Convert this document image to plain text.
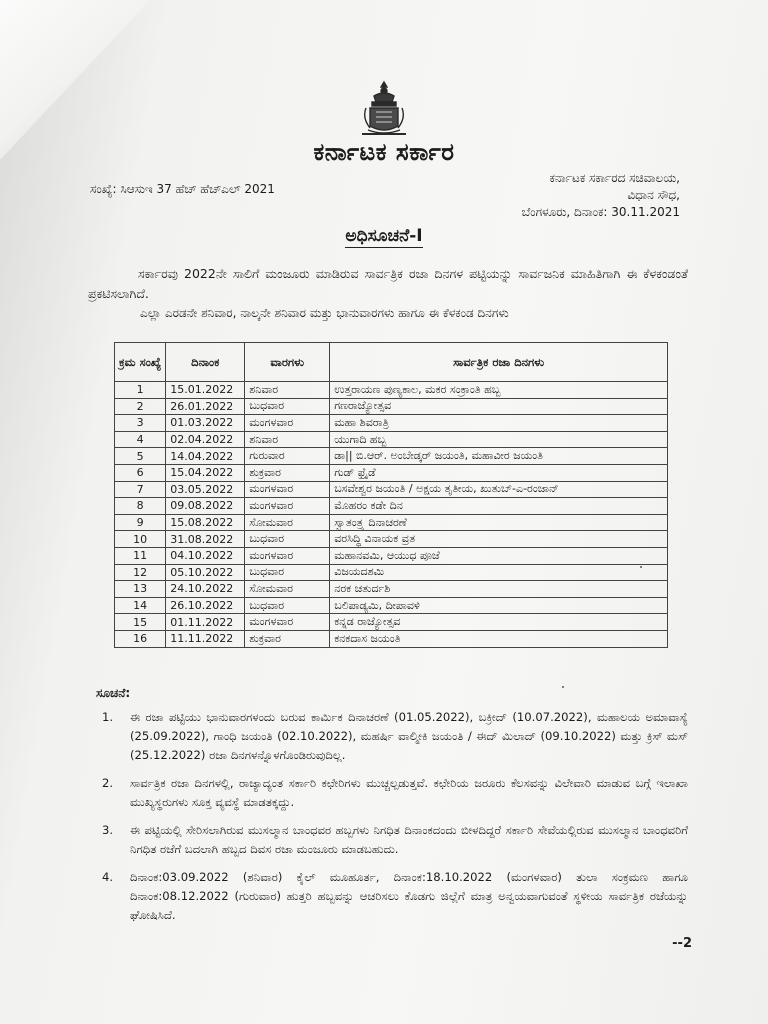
ಕರ್ನಾಟಕ ಸರ್ಕಾರ
ಸಂಖ್ಯೆ: ಸಿಆಸುಇ 37 ಹೆಚ್ ಹೆಚ್ಎಲ್ 2021
ಕರ್ನಾಟಕ ಸರ್ಕಾರದ ಸಚಿವಾಲಯ,
ವಿಧಾನ ಸೌಧ,
ಬೆಂಗಳೂರು, ದಿನಾಂಕ: 30.11.2021
ಅಧಿಸೂಚನೆ-I
ಸರ್ಕಾರವು 2022ನೇ ಸಾಲಿಗೆ ಮಂಜೂರು ಮಾಡಿರುವ ಸಾರ್ವತ್ರಿಕ ರಜಾ ದಿನಗಳ ಪಟ್ಟಿಯನ್ನು ಸಾರ್ವಜನಿಕ ಮಾಹಿತಿಗಾಗಿ ಈ ಕೆಳಕಂಡಂತೆ ಪ್ರಕಟಿಸಲಾಗಿದೆ.
ಎಲ್ಲಾ ಎರಡನೇ ಶನಿವಾರ, ನಾಲ್ಕನೇ ಶನಿವಾರ ಮತ್ತು ಭಾನುವಾರಗಳು ಹಾಗೂ ಈ ಕೆಳಕಂಡ ದಿನಗಳು
ಕ್ರಮ ಸಂಖ್ಯೆ	ದಿನಾಂಕ	ವಾರಗಳು	ಸಾರ್ವತ್ರಿಕ ರಜಾ ದಿನಗಳು
1	15.01.2022	ಶನಿವಾರ	ಉತ್ತರಾಯಣ ಪುಣ್ಯಕಾಲ, ಮಕರ ಸಂಕ್ರಾಂತಿ ಹಬ್ಬ
2	26.01.2022	ಬುಧವಾರ	ಗಣರಾಜ್ಯೋತ್ಸವ
3	01.03.2022	ಮಂಗಳವಾರ	ಮಹಾ ಶಿವರಾತ್ರಿ
4	02.04.2022	ಶನಿವಾರ	ಯುಗಾದಿ ಹಬ್ಬ
5	14.04.2022	ಗುರುವಾರ	ಡಾ|| ಬಿ.ಆರ್. ಅಂಬೇಡ್ಕರ್ ಜಯಂತಿ, ಮಹಾವೀರ ಜಯಂತಿ
6	15.04.2022	ಶುಕ್ರವಾರ	ಗುಡ್ ಫ್ರೈಡೆ
7	03.05.2022	ಮಂಗಳವಾರ	ಬಸವೇಶ್ವರ ಜಯಂತಿ / ಅಕ್ಷಯ ತೃತೀಯ, ಖುತುಬ್-ಎ-ರಂಜಾನ್
8	09.08.2022	ಮಂಗಳವಾರ	ಮೊಹರಂ ಕಡೇ ದಿನ
9	15.08.2022	ಸೋಮವಾರ	ಸ್ವಾತಂತ್ರ್ಯ ದಿನಾಚರಣೆ
10	31.08.2022	ಬುಧವಾರ	ವರಸಿದ್ಧಿ ವಿನಾಯಕ ವ್ರತ
11	04.10.2022	ಮಂಗಳವಾರ	ಮಹಾನವಮಿ, ಆಯುಧ ಪೂಜೆ
12	05.10.2022	ಬುಧವಾರ	ವಿಜಯದಶಮಿ
13	24.10.2022	ಸೋಮವಾರ	ನರಕ ಚತುರ್ದಶಿ
14	26.10.2022	ಬುಧವಾರ	ಬಲಿಪಾಡ್ಯಮಿ, ದೀಪಾವಳಿ
15	01.11.2022	ಮಂಗಳವಾರ	ಕನ್ನಡ ರಾಜ್ಯೋತ್ಸವ
16	11.11.2022	ಶುಕ್ರವಾರ	ಕನಕದಾಸ ಜಯಂತಿ
ಸೂಚನೆ:
1.	ಈ ರಜಾ ಪಟ್ಟಿಯು ಭಾನುವಾರಗಳಂದು ಬರುವ ಕಾರ್ಮಿಕ ದಿನಾಚರಣೆ (01.05.2022), ಬಕ್ರೀದ್ (10.07.2022), ಮಹಾಲಯ ಅಮಾವಾಸ್ಯೆ (25.09.2022), ಗಾಂಧಿ ಜಯಂತಿ (02.10.2022), ಮಹರ್ಷಿ ವಾಲ್ಮೀಕಿ ಜಯಂತಿ / ಈದ್ ಮಿಲಾದ್ (09.10.2022) ಮತ್ತು ಕ್ರಿಸ್ ಮಸ್ (25.12.2022) ರಜಾ ದಿನಗಳನ್ನೊಳಗೊಂಡಿರುವುದಿಲ್ಲ.
2.	ಸಾರ್ವತ್ರಿಕ ರಜಾ ದಿನಗಳಲ್ಲಿ, ರಾಜ್ಯಾದ್ಯಂತ ಸರ್ಕಾರಿ ಕಛೇರಿಗಳು ಮುಚ್ಚಲ್ಪಡುತ್ತವೆ. ಕಛೇರಿಯ ಜರೂರು ಕೆಲಸವನ್ನು ವಿಲೇವಾರಿ ಮಾಡುವ ಬಗ್ಗೆ ಇಲಾಖಾ ಮುಖ್ಯಸ್ಥರುಗಳು ಸೂಕ್ತ ವ್ಯವಸ್ಥೆ ಮಾಡತಕ್ಕದ್ದು.
3.	ಈ ಪಟ್ಟಿಯಲ್ಲಿ ಸೇರಿಸಲಾಗಿರುವ ಮುಸಲ್ಮಾನ ಬಾಂಧವರ ಹಬ್ಬಗಳು ನಿಗಧಿತ ದಿನಾಂಕದಂದು ಬೀಳದಿದ್ದರೆ ಸರ್ಕಾರಿ ಸೇವೆಯಲ್ಲಿರುವ ಮುಸಲ್ಮಾನ ಬಾಂಧವರಿಗೆ ನಿಗಧಿತ ರಜೆಗೆ ಬದಲಾಗಿ ಹಬ್ಬದ ದಿವಸ ರಜಾ ಮಂಜೂರು ಮಾಡಬಹುದು.
4.	ದಿನಾಂಕ:03.09.2022 (ಶನಿವಾರ) ಕೈಲ್ ಮೂಹೂರ್ತ, ದಿನಾಂಕ:18.10.2022 (ಮಂಗಳವಾರ) ತುಲಾ ಸಂಕ್ರಮಣ ಹಾಗೂ ದಿನಾಂಕ:08.12.2022 (ಗುರುವಾರ) ಹುತ್ತರಿ ಹಬ್ಬವನ್ನು ಆಚರಿಸಲು ಕೊಡಗು ಜಿಲ್ಲೆಗೆ ಮಾತ್ರ ಅನ್ವಯವಾಗುವಂತೆ ಸ್ಥಳೀಯ ಸಾರ್ವತ್ರಿಕ ರಜೆಯನ್ನು ಘೋಷಿಸಿದೆ.
--2
